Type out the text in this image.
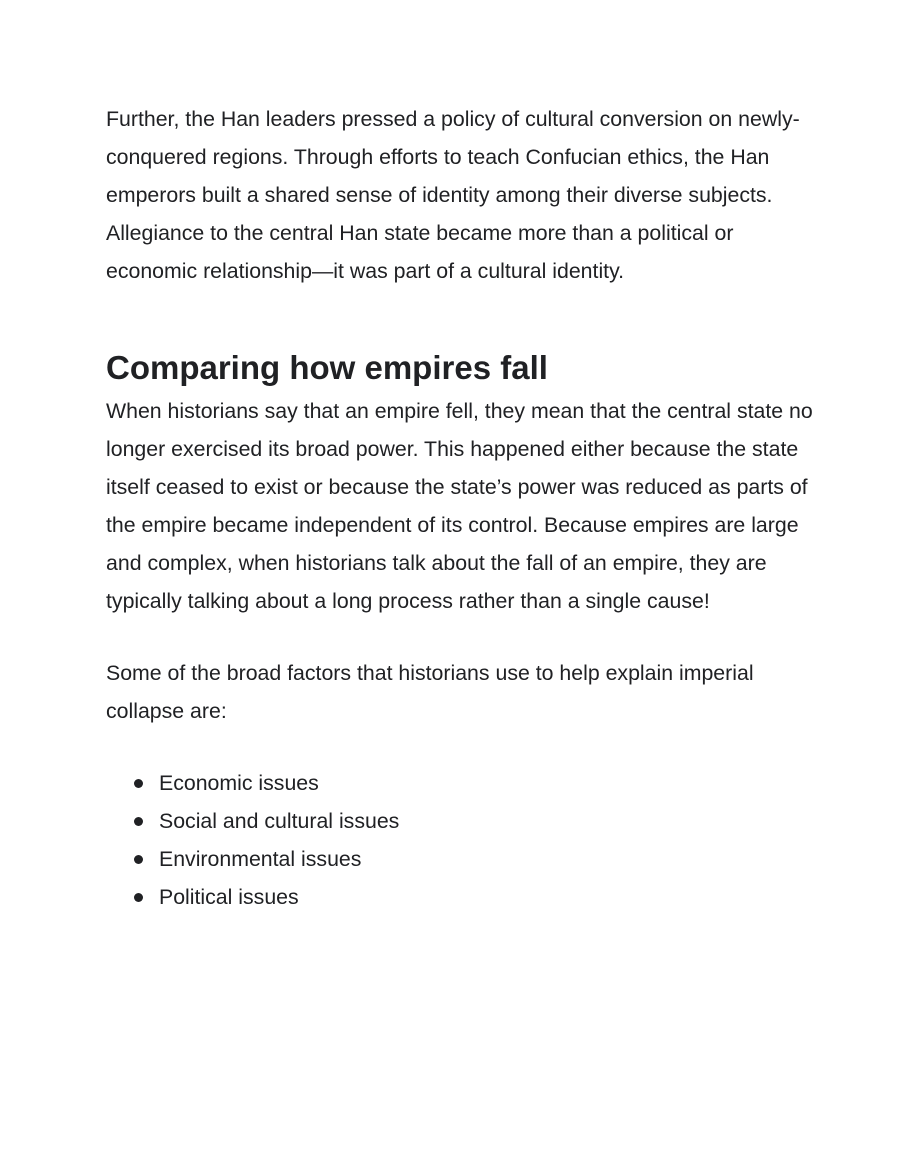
Further, the Han leaders pressed a policy of cultural conversion on newly-conquered regions. Through efforts to teach Confucian ethics, the Han emperors built a shared sense of identity among their diverse subjects. Allegiance to the central Han state became more than a political or economic relationship—it was part of a cultural identity.

Comparing how empires fall

When historians say that an empire fell, they mean that the central state no longer exercised its broad power. This happened either because the state itself ceased to exist or because the state’s power was reduced as parts of the empire became independent of its control. Because empires are large and complex, when historians talk about the fall of an empire, they are typically talking about a long process rather than a single cause!

Some of the broad factors that historians use to help explain imperial collapse are:

Economic issues
Social and cultural issues
Environmental issues
Political issues
